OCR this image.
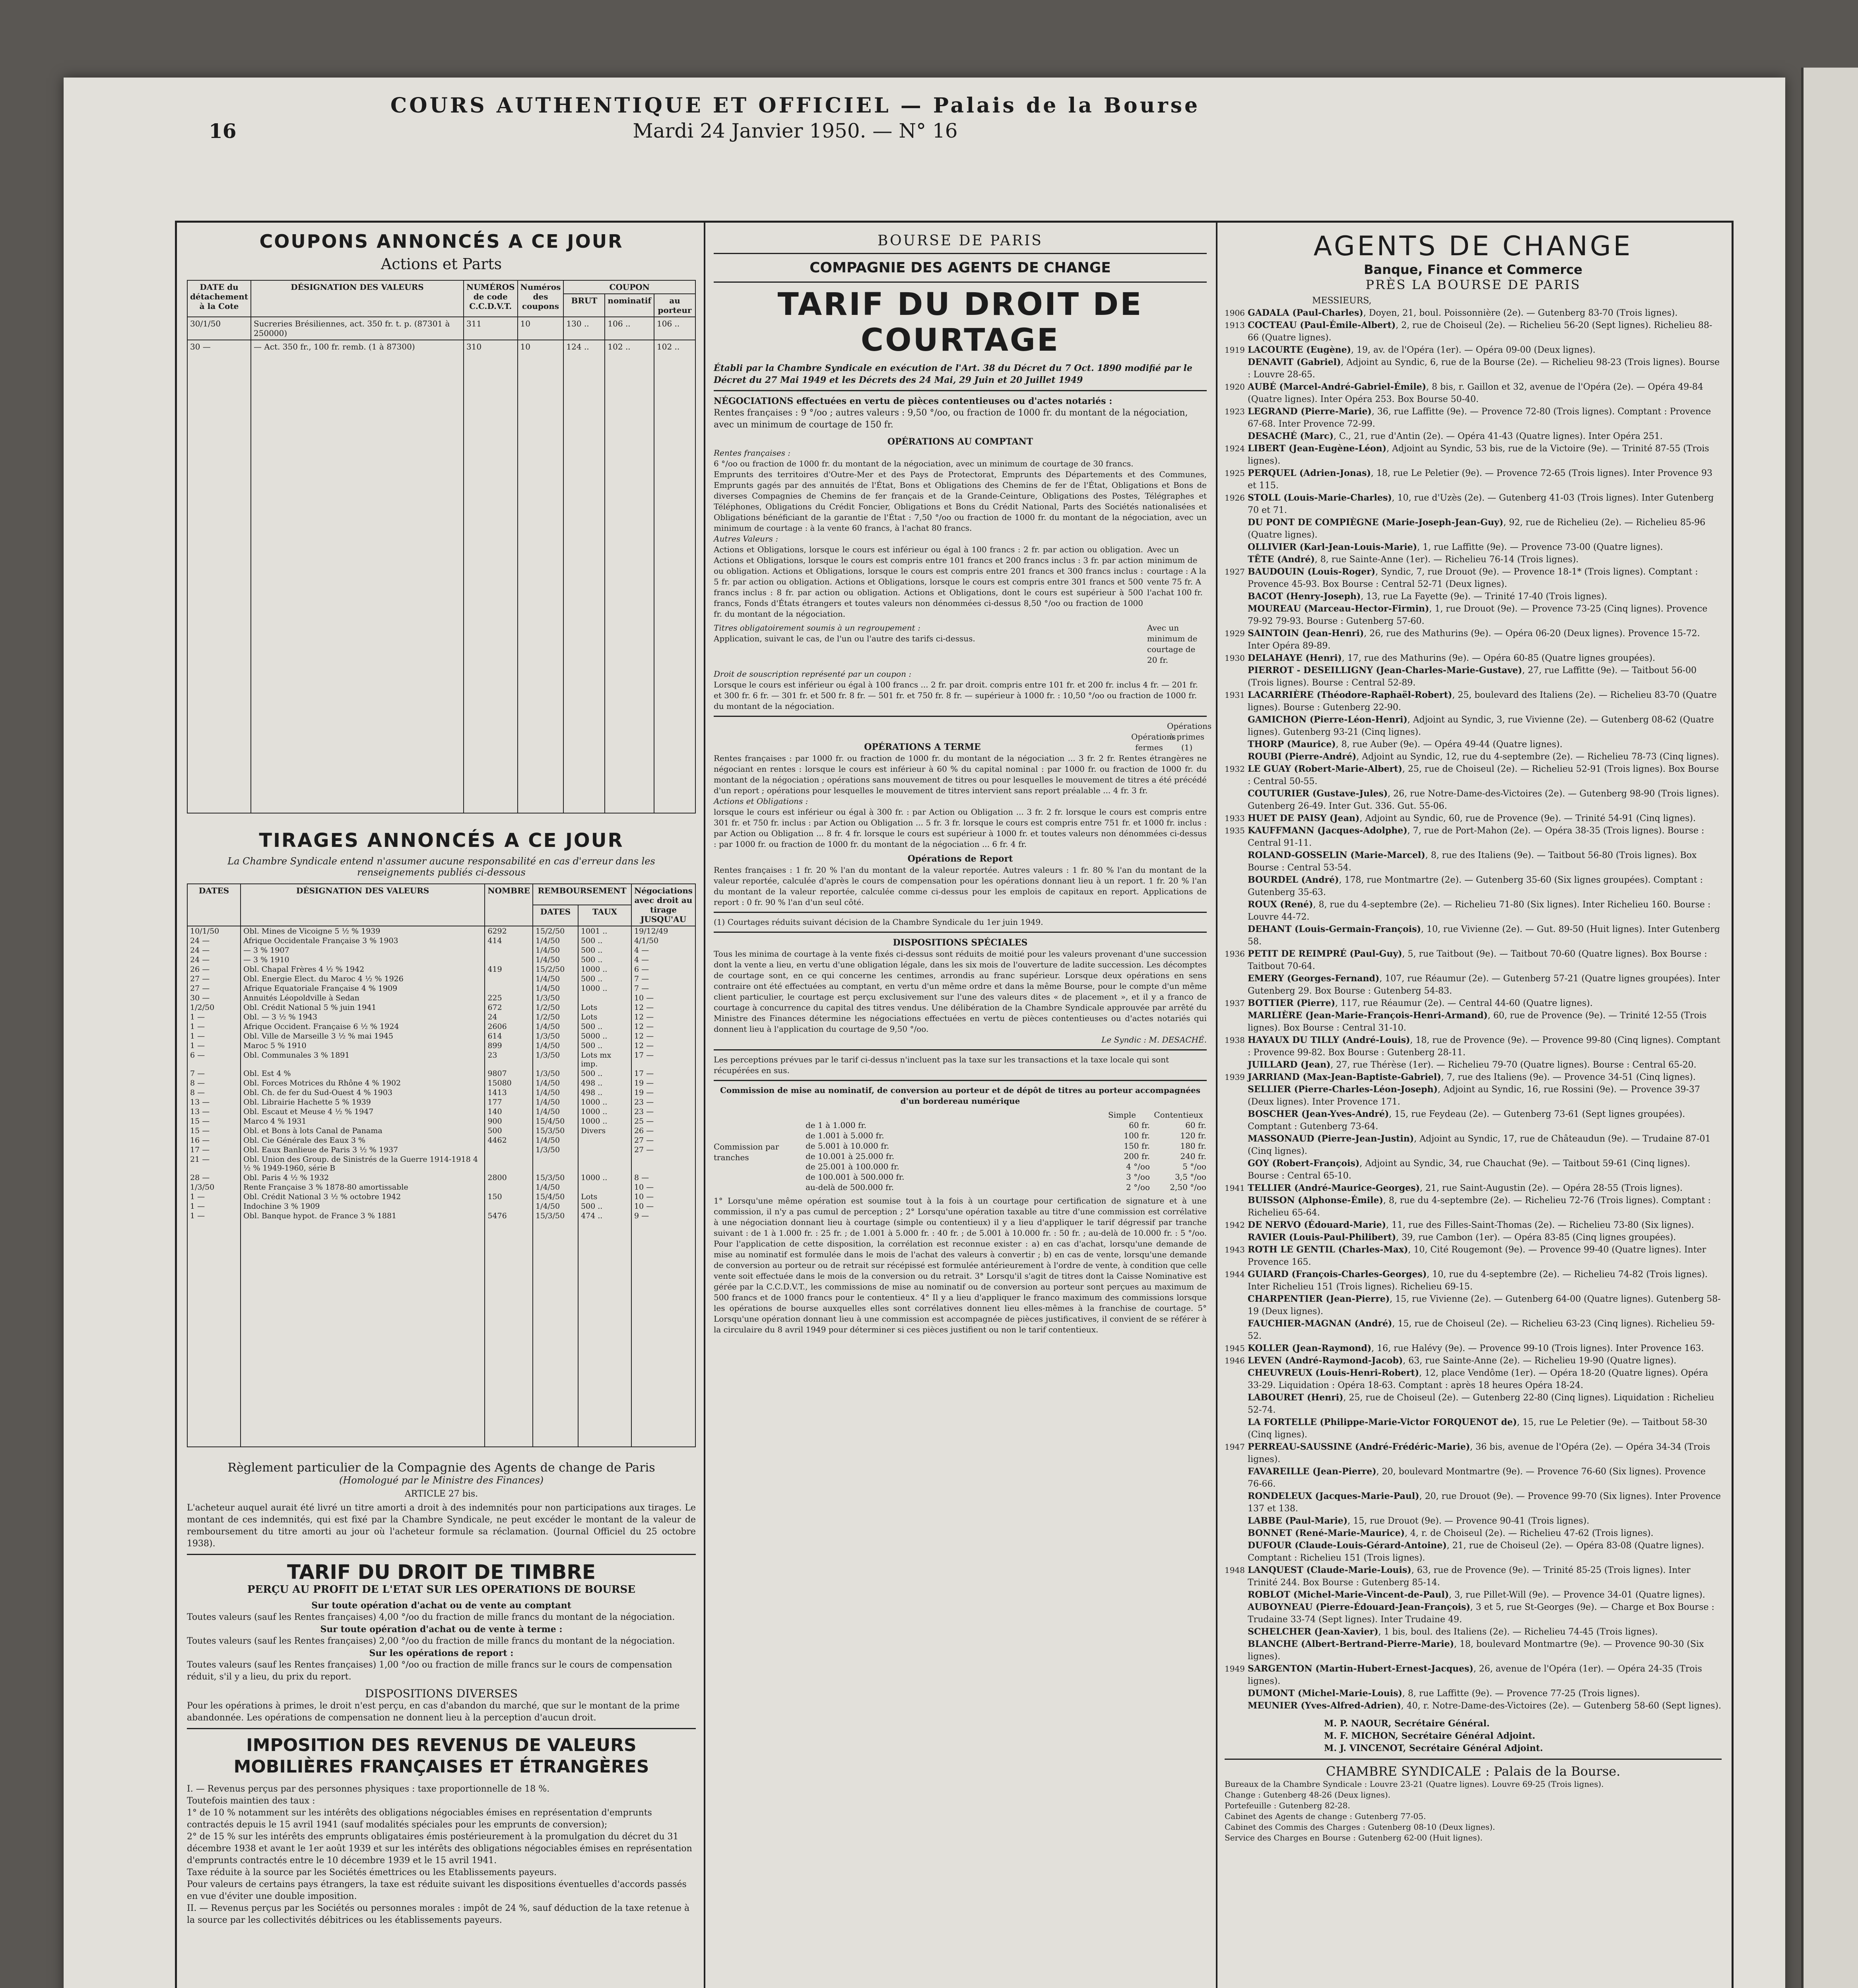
COURS AUTHENTIQUE ET OFFICIEL — Palais de la Bourse
16	Mardi 24 Janvier 1950. — N° 16
COUPONS ANNONCÉS A CE JOUR
Actions et Parts
DATE du détachement à la Cote	DÉSIGNATION DES VALEURS	NUMÉROS de code C.C.D.V.T.	Numéros des coupons	COUPON		
				BRUT	nominatif	au porteur
30/1/50	Sucreries Brésiliennes, act. 350 fr. t. p. (87301 à 250000)	311	10	130 ..	106 ..	106 ..
30 —	— Act. 350 fr., 100 fr. remb. (1 à 87300)	310	10	124 ..	102 ..	102 ..
TIRAGES ANNONCÉS A CE JOUR
La Chambre Syndicale entend n'assumer aucune responsabilité en cas d'erreur dans les renseignements publiés ci-dessous
DATES	DÉSIGNATION DES VALEURS	NOMBRE	REMBOURSEMENT		Négociations avec droit au tirage JUSQU'AU
			DATES	TAUX	
10/1/50	Obl. Mines de Vicoigne 5 ½ % 1939	6292	15/2/50	1001 ..	19/12/49
24 —	Afrique Occidentale Française 3 % 1903	414	1/4/50	500 ..	4/1/50
24 —	— 3 % 1907		1/4/50	500 ..	4 —
24 —	— 3 % 1910		1/4/50	500 ..	4 —
26 —	Obl. Chapal Frères 4 ½ % 1942	419	15/2/50	1000 ..	6 —
27 —	Obl. Energie Elect. du Maroc 4 ½ % 1926		1/4/50	500 ..	7 —
27 —	Afrique Equatoriale Française 4 % 1909		1/4/50	1000 ..	7 —
30 —	Annuités Léopoldville à Sedan	225	1/3/50		10 —
1/2/50	Obl. Crédit National 5 % juin 1941	672	1/2/50	Lots	12 —
1 —	Obl. — 3 ½ % 1943	24	1/2/50	Lots	12 —
1 —	Afrique Occident. Française 6 ½ % 1924	2606	1/4/50	500 ..	12 —
1 —	Obl. Ville de Marseille 3 ½ % mai 1945	614	1/3/50	5000 ..	12 —
1 —	Maroc 5 % 1910	899	1/4/50	500 ..	12 —
6 —	Obl. Communales 3 % 1891	23	1/3/50	Lots mx imp.	17 —
7 —	Obl. Est 4 %	9807	1/3/50	500 ..	17 —
8 —	Obl. Forces Motrices du Rhône 4 % 1902	15080	1/4/50	498 ..	19 —
8 —	Obl. Ch. de fer du Sud-Ouest 4 % 1903	1413	1/4/50	498 ..	19 —
13 —	Obl. Librairie Hachette 5 % 1939	177	1/4/50	1000 ..	23 —
13 —	Obl. Escaut et Meuse 4 ½ % 1947	140	1/4/50	1000 ..	23 —
15 —	Marco 4 % 1931	900	15/4/50	1000 ..	25 —
15 —	Obl. et Bons à lots Canal de Panama	500	15/3/50	Divers	26 —
16 —	Obl. Cie Générale des Eaux 3 %	4462	1/4/50		27 —
17 —	Obl. Eaux Banlieue de Paris 3 ½ % 1937		1/3/50		27 —
21 —	Obl. Union des Group. de Sinistrés de la Guerre 1914-1918 4 ½ % 1949-1960, série B				
28 —	Obl. Paris 4 ½ % 1932	2800	15/3/50	1000 ..	8 —
1/3/50	Rente Française 3 % 1878-80 amortissable		1/4/50		10 —
1 —	Obl. Crédit National 3 ½ % octobre 1942	150	15/4/50	Lots	10 —
1 —	Indochine 3 % 1909		1/4/50	500 ..	10 —
1 —	Obl. Banque hypot. de France 3 % 1881	5476	15/3/50	474 ..	9 —

Règlement particulier de la Compagnie des Agents de change de Paris
(Homologué par le Ministre des Finances)
ARTICLE 27 bis.
L'acheteur auquel aurait été livré un titre amorti a droit à des indemnités pour non participations aux tirages. Le montant de ces indemnités, qui est fixé par la Chambre Syndicale, ne peut excéder le montant de la valeur de remboursement du titre amorti au jour où l'acheteur formule sa réclamation. (Journal Officiel du 25 octobre 1938).
TARIF DU DROIT DE TIMBRE
PERÇU AU PROFIT DE L'ETAT SUR LES OPERATIONS DE BOURSE
Sur toute opération d'achat ou de vente au comptant
Toutes valeurs (sauf les Rentes françaises) 4,00 °/oo du fraction de mille francs du montant de la négociation.
Sur toute opération d'achat ou de vente à terme :
Toutes valeurs (sauf les Rentes françaises) 2,00 °/oo du fraction de mille francs du montant de la négociation.
Sur les opérations de report :
Toutes valeurs (sauf les Rentes françaises) 1,00 °/oo ou fraction de mille francs sur le cours de compensation réduit, s'il y a lieu, du prix du report.
DISPOSITIONS DIVERSES
Pour les opérations à primes, le droit n'est perçu, en cas d'abandon du marché, que sur le montant de la prime abandonnée. Les opérations de compensation ne donnent lieu à la perception d'aucun droit.
IMPOSITION DES REVENUS DE VALEURS MOBILIÈRES FRANÇAISES ET ÉTRANGÈRES
I. — Revenus perçus par des personnes physiques : taxe proportionnelle de 18 %.
Toutefois maintien des taux :
1° de 10 % notamment sur les intérêts des obligations négociables émises en représentation d'emprunts contractés depuis le 15 avril 1941 (sauf modalités spéciales pour les emprunts de conversion);
2° de 15 % sur les intérêts des emprunts obligataires émis postérieurement à la promulgation du décret du 31 décembre 1938 et avant le 1er août 1939 et sur les intérêts des obligations négociables émises en représentation d'emprunts contractés entre le 10 décembre 1939 et le 15 avril 1941.
Taxe réduite à la source par les Sociétés émettrices ou les Etablissements payeurs.
Pour valeurs de certains pays étrangers, la taxe est réduite suivant les dispositions éventuelles d'accords passés en vue d'éviter une double imposition.
II. — Revenus perçus par les Sociétés ou personnes morales : impôt de 24 %, sauf déduction de la taxe retenue à la source par les collectivités débitrices ou les établissements payeurs.
BOURSE DE PARIS
COMPAGNIE DES AGENTS DE CHANGE
TARIF DU DROIT DE COURTAGE
Établi par la Chambre Syndicale en exécution de l'Art. 38 du Décret du 7 Oct. 1890 modifié par le Décret du 27 Mai 1949 et les Décrets des 24 Mai, 29 Juin et 20 Juillet 1949
NÉGOCIATIONS effectuées en vertu de pièces contentieuses ou d'actes notariés :
Rentes françaises : 9 °/oo ; autres valeurs : 9,50 °/oo, ou fraction de 1000 fr. du montant de la négociation, avec un minimum de courtage de 150 fr.
OPÉRATIONS AU COMPTANT
Rentes françaises :
6 °/oo ou fraction de 1000 fr. du montant de la négociation, avec un minimum de courtage de 30 francs.
Emprunts des territoires d'Outre-Mer et des Pays de Protectorat, Emprunts des Départements et des Communes, Emprunts gagés par des annuités de l'État, Bons et Obligations des Chemins de fer de l'État, Obligations et Bons de diverses Compagnies de Chemins de fer français et de la Grande-Ceinture, Obligations des Postes, Télégraphes et Téléphones, Obligations du Crédit Foncier, Obligations et Bons du Crédit National, Parts des Sociétés nationalisées et Obligations bénéficiant de la garantie de l'État : 7,50 °/oo ou fraction de 1000 fr. du montant de la négociation, avec un minimum de courtage : à la vente 60 francs, à l'achat 80 francs.
Autres Valeurs :
Actions et Obligations, lorsque le cours est inférieur ou égal à 100 francs : 2 fr. par action ou obligation. Actions et Obligations, lorsque le cours est compris entre 101 francs et 200 francs inclus : 3 fr. par action ou obligation. Actions et Obligations, lorsque le cours est compris entre 201 francs et 300 francs inclus : 5 fr. par action ou obligation. Actions et Obligations, lorsque le cours est compris entre 301 francs et 500 francs inclus : 8 fr. par action ou obligation. Actions et Obligations, dont le cours est supérieur à 500 francs, Fonds d'États étrangers et toutes valeurs non dénommées ci-dessus 8,50 °/oo ou fraction de 1000 fr. du montant de la négociation.
Avec un minimum de courtage : A la vente 75 fr. A l'achat 100 fr.
Titres obligatoirement soumis à un regroupement :
Application, suivant le cas, de l'un ou l'autre des tarifs ci-dessus.
Avec un minimum de courtage de 20 fr.
Droit de souscription représenté par un coupon :
Lorsque le cours est inférieur ou égal à 100 francs ... 2 fr. par droit. compris entre 101 fr. et 200 fr. inclus 4 fr. — 201 fr. et 300 fr. 6 fr. — 301 fr. et 500 fr. 8 fr. — 501 fr. et 750 fr. 8 fr. — supérieur à 1000 fr. : 10,50 °/oo ou fraction de 1000 fr. du montant de la négociation.
OPÉRATIONS A TERME
Opérations fermes
Opérations à primes (1)
Rentes françaises : par 1000 fr. ou fraction de 1000 fr. du montant de la négociation ... 3 fr. 2 fr. Rentes étrangères ne négociant en rentes : lorsque le cours est inférieur à 60 % du capital nominal : par 1000 fr. ou fraction de 1000 fr. du montant de la négociation ; opérations sans mouvement de titres ou pour lesquelles le mouvement de titres a été précédé d'un report ; opérations pour lesquelles le mouvement de titres intervient sans report préalable ... 4 fr. 3 fr.
Actions et Obligations :
lorsque le cours est inférieur ou égal à 300 fr. : par Action ou Obligation ... 3 fr. 2 fr. lorsque le cours est compris entre 301 fr. et 750 fr. inclus : par Action ou Obligation ... 5 fr. 3 fr. lorsque le cours est compris entre 751 fr. et 1000 fr. inclus : par Action ou Obligation ... 8 fr. 4 fr. lorsque le cours est supérieur à 1000 fr. et toutes valeurs non dénommées ci-dessus : par 1000 fr. ou fraction de 1000 fr. du montant de la négociation ... 6 fr. 4 fr.
Opérations de Report
Rentes françaises : 1 fr. 20 % l'an du montant de la valeur reportée. Autres valeurs : 1 fr. 80 % l'an du montant de la valeur reportée, calculée d'après le cours de compensation pour les opérations donnant lieu à un report. 1 fr. 20 % l'an du montant de la valeur reportée, calculée comme ci-dessus pour les emplois de capitaux en report. Applications de report : 0 fr. 90 % l'an d'un seul côté.
(1) Courtages réduits suivant décision de la Chambre Syndicale du 1er juin 1949.
DISPOSITIONS SPÉCIALES
Tous les minima de courtage à la vente fixés ci-dessus sont réduits de moitié pour les valeurs provenant d'une succession dont la vente a lieu, en vertu d'une obligation légale, dans les six mois de l'ouverture de ladite succession. Les décomptes de courtage sont, en ce qui concerne les centimes, arrondis au franc supérieur. Lorsque deux opérations en sens contraire ont été effectuées au comptant, en vertu d'un même ordre et dans la même Bourse, pour le compte d'un même client particulier, le courtage est perçu exclusivement sur l'une des valeurs dites « de placement », et il y a franco de courtage à concurrence du capital des titres vendus. Une délibération de la Chambre Syndicale approuvée par arrêté du Ministre des Finances détermine les négociations effectuées en vertu de pièces contentieuses ou d'actes notariés qui donnent lieu à l'application du courtage de 9,50 °/oo.
Le Syndic : M. DESACHÉ.
Les perceptions prévues par le tarif ci-dessus n'incluent pas la taxe sur les transactions et la taxe locale qui sont récupérées en sus.
Commission de mise au nominatif, de conversion au porteur et de dépôt de titres au porteur accompagnées d'un bordereau numérique
Commission par tranches
	Simple	Contentieux
de 1 à 1.000 fr.	60 fr.	60 fr.
de 1.001 à 5.000 fr.	100 fr.	120 fr.
de 5.001 à 10.000 fr.	150 fr.	180 fr.
de 10.001 à 25.000 fr.	200 fr.	240 fr.
de 25.001 à 100.000 fr.	4 °/oo	5 °/oo
de 100.001 à 500.000 fr.	3 °/oo	3,5 °/oo
au-delà de 500.000 fr.	2 °/oo	2,50 °/oo
1° Lorsqu'une même opération est soumise tout à la fois à un courtage pour certification de signature et à une commission, il n'y a pas cumul de perception ; 2° Lorsqu'une opération taxable au titre d'une commission est corrélative à une négociation donnant lieu à courtage (simple ou contentieux) il y a lieu d'appliquer le tarif dégressif par tranche suivant : de 1 à 1.000 fr. : 25 fr. ; de 1.001 à 5.000 fr. : 40 fr. ; de 5.001 à 10.000 fr. : 50 fr. ; au-delà de 10.000 fr. : 5 °/oo. Pour l'application de cette disposition, la corrélation est reconnue exister : a) en cas d'achat, lorsqu'une demande de mise au nominatif est formulée dans le mois de l'achat des valeurs à convertir ; b) en cas de vente, lorsqu'une demande de conversion au porteur ou de retrait sur récépissé est formulée antérieurement à l'ordre de vente, à condition que celle vente soit effectuée dans le mois de la conversion ou du retrait. 3° Lorsqu'il s'agit de titres dont la Caisse Nominative est gérée par la C.C.D.V.T., les commissions de mise au nominatif ou de conversion au porteur sont perçues au maximum de 500 francs et de 1000 francs pour le contentieux. 4° Il y a lieu d'appliquer le franco maximum des commissions lorsque les opérations de bourse auxquelles elles sont corrélatives donnent lieu elles-mêmes à la franchise de courtage. 5° Lorsqu'une opération donnant lieu à une commission est accompagnée de pièces justificatives, il convient de se référer à la circulaire du 8 avril 1949 pour déterminer si ces pièces justifient ou non le tarif contentieux.
AGENTS DE CHANGE
Banque, Finance et Commerce
PRÈS LA BOURSE DE PARIS
MESSIEURS,
1906 GADALA (Paul-Charles), Doyen, 21, boul. Poissonnière (2e). — Gutenberg 83-70 (Trois lignes).
1913 COCTEAU (Paul-Émile-Albert), 2, rue de Choiseul (2e). — Richelieu 56-20 (Sept lignes). Richelieu 88-66 (Quatre lignes).
1919 LACOURTE (Eugène), 19, av. de l'Opéra (1er). — Opéra 09-00 (Deux lignes).
DENAVIT (Gabriel), Adjoint au Syndic, 6, rue de la Bourse (2e). — Richelieu 98-23 (Trois lignes). Bourse : Louvre 28-65.
1920 AUBÉ (Marcel-André-Gabriel-Émile), 8 bis, r. Gaillon et 32, avenue de l'Opéra (2e). — Opéra 49-84 (Quatre lignes). Inter Opéra 253. Box Bourse 50-40.
1923 LEGRAND (Pierre-Marie), 36, rue Laffitte (9e). — Provence 72-80 (Trois lignes). Comptant : Provence 67-68. Inter Provence 72-99.
DESACHÉ (Marc), C., 21, rue d'Antin (2e). — Opéra 41-43 (Quatre lignes). Inter Opéra 251.
1924 LIBERT (Jean-Eugène-Léon), Adjoint au Syndic, 53 bis, rue de la Victoire (9e). — Trinité 87-55 (Trois lignes).
1925 PERQUEL (Adrien-Jonas), 18, rue Le Peletier (9e). — Provence 72-65 (Trois lignes). Inter Provence 93 et 115.
1926 STOLL (Louis-Marie-Charles), 10, rue d'Uzès (2e). — Gutenberg 41-03 (Trois lignes). Inter Gutenberg 70 et 71.
DU PONT DE COMPIÈGNE (Marie-Joseph-Jean-Guy), 92, rue de Richelieu (2e). — Richelieu 85-96 (Quatre lignes).
OLLIVIER (Karl-Jean-Louis-Marie), 1, rue Laffitte (9e). — Provence 73-00 (Quatre lignes).
TÊTE (André), 8, rue Sainte-Anne (1er). — Richelieu 76-14 (Trois lignes).
1927 BAUDOUIN (Louis-Roger), Syndic, 7, rue Drouot (9e). — Provence 18-1* (Trois lignes). Comptant : Provence 45-93. Box Bourse : Central 52-71 (Deux lignes).
BACOT (Henry-Joseph), 13, rue La Fayette (9e). — Trinité 17-40 (Trois lignes).
MOUREAU (Marceau-Hector-Firmin), 1, rue Drouot (9e). — Provence 73-25 (Cinq lignes). Provence 79-92 79-93. Bourse : Gutenberg 57-60.
1929 SAINTOIN (Jean-Henri), 26, rue des Mathurins (9e). — Opéra 06-20 (Deux lignes). Provence 15-72. Inter Opéra 89-89.
1930 DELAHAYE (Henri), 17, rue des Mathurins (9e). — Opéra 60-85 (Quatre lignes groupées).
PIERROT - DESEILLIGNY (Jean-Charles-Marie-Gustave), 27, rue Laffitte (9e). — Taitbout 56-00 (Trois lignes). Bourse : Central 52-89.
1931 LACARRIÈRE (Théodore-Raphaël-Robert), 25, boulevard des Italiens (2e). — Richelieu 83-70 (Quatre lignes). Bourse : Gutenberg 22-90.
GAMICHON (Pierre-Léon-Henri), Adjoint au Syndic, 3, rue Vivienne (2e). — Gutenberg 08-62 (Quatre lignes). Gutenberg 93-21 (Cinq lignes).
THORP (Maurice), 8, rue Auber (9e). — Opéra 49-44 (Quatre lignes).
ROUBI (Pierre-André), Adjoint au Syndic, 12, rue du 4-septembre (2e). — Richelieu 78-73 (Cinq lignes).
1932 LE GUAY (Robert-Marie-Albert), 25, rue de Choiseul (2e). — Richelieu 52-91 (Trois lignes). Box Bourse : Central 50-55.
COUTURIER (Gustave-Jules), 26, rue Notre-Dame-des-Victoires (2e). — Gutenberg 98-90 (Trois lignes). Gutenberg 26-49. Inter Gut. 336. Gut. 55-06.
1933 HUET DE PAISY (Jean), Adjoint au Syndic, 60, rue de Provence (9e). — Trinité 54-91 (Cinq lignes).
1935 KAUFFMANN (Jacques-Adolphe), 7, rue de Port-Mahon (2e). — Opéra 38-35 (Trois lignes). Bourse : Central 91-11.
ROLAND-GOSSELIN (Marie-Marcel), 8, rue des Italiens (9e). — Taitbout 56-80 (Trois lignes). Box Bourse : Central 53-54.
BOURDEL (André), 178, rue Montmartre (2e). — Gutenberg 35-60 (Six lignes groupées). Comptant : Gutenberg 35-63.
ROUX (René), 8, rue du 4-septembre (2e). — Richelieu 71-80 (Six lignes). Inter Richelieu 160. Bourse : Louvre 44-72.
DEHANT (Louis-Germain-François), 10, rue Vivienne (2e). — Gut. 89-50 (Huit lignes). Inter Gutenberg 58.
1936 PETIT DE REIMPRÉ (Paul-Guy), 5, rue Taitbout (9e). — Taitbout 70-60 (Quatre lignes). Box Bourse : Taitbout 70-64.
EMERY (Georges-Fernand), 107, rue Réaumur (2e). — Gutenberg 57-21 (Quatre lignes groupées). Inter Gutenberg 29. Box Bourse : Gutenberg 54-83.
1937 BOTTIER (Pierre), 117, rue Réaumur (2e). — Central 44-60 (Quatre lignes).
MARLIÈRE (Jean-Marie-François-Henri-Armand), 60, rue de Provence (9e). — Trinité 12-55 (Trois lignes). Box Bourse : Central 31-10.
1938 HAYAUX DU TILLY (André-Louis), 18, rue de Provence (9e). — Provence 99-80 (Cinq lignes). Comptant : Provence 99-82. Box Bourse : Gutenberg 28-11.
JUILLARD (Jean), 27, rue Thérèse (1er). — Richelieu 79-70 (Quatre lignes). Bourse : Central 65-20.
1939 JARRIAND (Max-Jean-Baptiste-Gabriel), 7, rue des Italiens (9e). — Provence 34-51 (Cinq lignes).
SELLIER (Pierre-Charles-Léon-Joseph), Adjoint au Syndic, 16, rue Rossini (9e). — Provence 39-37 (Deux lignes). Inter Provence 171.
BOSCHER (Jean-Yves-André), 15, rue Feydeau (2e). — Gutenberg 73-61 (Sept lignes groupées). Comptant : Gutenberg 73-64.
MASSONAUD (Pierre-Jean-Justin), Adjoint au Syndic, 17, rue de Châteaudun (9e). — Trudaine 87-01 (Cinq lignes).
GOY (Robert-François), Adjoint au Syndic, 34, rue Chauchat (9e). — Taitbout 59-61 (Cinq lignes). Bourse : Central 65-10.
1941 TELLIER (André-Maurice-Georges), 21, rue Saint-Augustin (2e). — Opéra 28-55 (Trois lignes).
BUISSON (Alphonse-Émile), 8, rue du 4-septembre (2e). — Richelieu 72-76 (Trois lignes). Comptant : Richelieu 65-64.
1942 DE NERVO (Édouard-Marie), 11, rue des Filles-Saint-Thomas (2e). — Richelieu 73-80 (Six lignes).
RAVIER (Louis-Paul-Philibert), 39, rue Cambon (1er). — Opéra 83-85 (Cinq lignes groupées).
1943 ROTH LE GENTIL (Charles-Max), 10, Cité Rougemont (9e). — Provence 99-40 (Quatre lignes). Inter Provence 165.
1944 GUIARD (François-Charles-Georges), 10, rue du 4-septembre (2e). — Richelieu 74-82 (Trois lignes). Inter Richelieu 151 (Trois lignes). Richelieu 69-15.
CHARPENTIER (Jean-Pierre), 15, rue Vivienne (2e). — Gutenberg 64-00 (Quatre lignes). Gutenberg 58-19 (Deux lignes).
FAUCHIER-MAGNAN (André), 15, rue de Choiseul (2e). — Richelieu 63-23 (Cinq lignes). Richelieu 59-52.
1945 KOLLER (Jean-Raymond), 16, rue Halévy (9e). — Provence 99-10 (Trois lignes). Inter Provence 163.
1946 LEVEN (André-Raymond-Jacob), 63, rue Sainte-Anne (2e). — Richelieu 19-90 (Quatre lignes).
CHEUVREUX (Louis-Henri-Robert), 12, place Vendôme (1er). — Opéra 18-20 (Quatre lignes). Opéra 33-29. Liquidation : Opéra 18-63. Comptant : après 18 heures Opéra 18-24.
LABOURET (Henri), 25, rue de Choiseul (2e). — Gutenberg 22-80 (Cinq lignes). Liquidation : Richelieu 52-74.
LA FORTELLE (Philippe-Marie-Victor FORQUENOT de), 15, rue Le Peletier (9e). — Taitbout 58-30 (Cinq lignes).
1947 PERREAU-SAUSSINE (André-Frédéric-Marie), 36 bis, avenue de l'Opéra (2e). — Opéra 34-34 (Trois lignes).
FAVAREILLE (Jean-Pierre), 20, boulevard Montmartre (9e). — Provence 76-60 (Six lignes). Provence 76-66.
RONDELEUX (Jacques-Marie-Paul), 20, rue Drouot (9e). — Provence 99-70 (Six lignes). Inter Provence 137 et 138.
LABBE (Paul-Marie), 15, rue Drouot (9e). — Provence 90-41 (Trois lignes).
BONNET (René-Marie-Maurice), 4, r. de Choiseul (2e). — Richelieu 47-62 (Trois lignes).
DUFOUR (Claude-Louis-Gérard-Antoine), 21, rue de Choiseul (2e). — Opéra 83-08 (Quatre lignes). Comptant : Richelieu 151 (Trois lignes).
1948 LANQUEST (Claude-Marie-Louis), 63, rue de Provence (9e). — Trinité 85-25 (Trois lignes). Inter Trinité 244. Box Bourse : Gutenberg 85-14.
ROBLOT (Michel-Marie-Vincent-de-Paul), 3, rue Pillet-Will (9e). — Provence 34-01 (Quatre lignes).
AUBOYNEAU (Pierre-Édouard-Jean-François), 3 et 5, rue St-Georges (9e). — Charge et Box Bourse : Trudaine 33-74 (Sept lignes). Inter Trudaine 49.
SCHELCHER (Jean-Xavier), 1 bis, boul. des Italiens (2e). — Richelieu 74-45 (Trois lignes).
BLANCHE (Albert-Bertrand-Pierre-Marie), 18, boulevard Montmartre (9e). — Provence 90-30 (Six lignes).
1949 SARGENTON (Martin-Hubert-Ernest-Jacques), 26, avenue de l'Opéra (1er). — Opéra 24-35 (Trois lignes).
DUMONT (Michel-Marie-Louis), 8, rue Laffitte (9e). — Provence 77-25 (Trois lignes).
MEUNIER (Yves-Alfred-Adrien), 40, r. Notre-Dame-des-Victoires (2e). — Gutenberg 58-60 (Sept lignes).
M. P. NAOUR, Secrétaire Général.
M. F. MICHON, Secrétaire Général Adjoint.
M. J. VINCENOT, Secrétaire Général Adjoint.
CHAMBRE SYNDICALE : Palais de la Bourse.
Bureaux de la Chambre Syndicale : Louvre 23-21 (Quatre lignes). Louvre 69-25 (Trois lignes).
Change : Gutenberg 48-26 (Deux lignes).
Portefeuille : Gutenberg 82-28.
Cabinet des Agents de change : Gutenberg 77-05.
Cabinet des Commis des Charges : Gutenberg 08-10 (Deux lignes).
Service des Charges en Bourse : Gutenberg 62-00 (Huit lignes).
